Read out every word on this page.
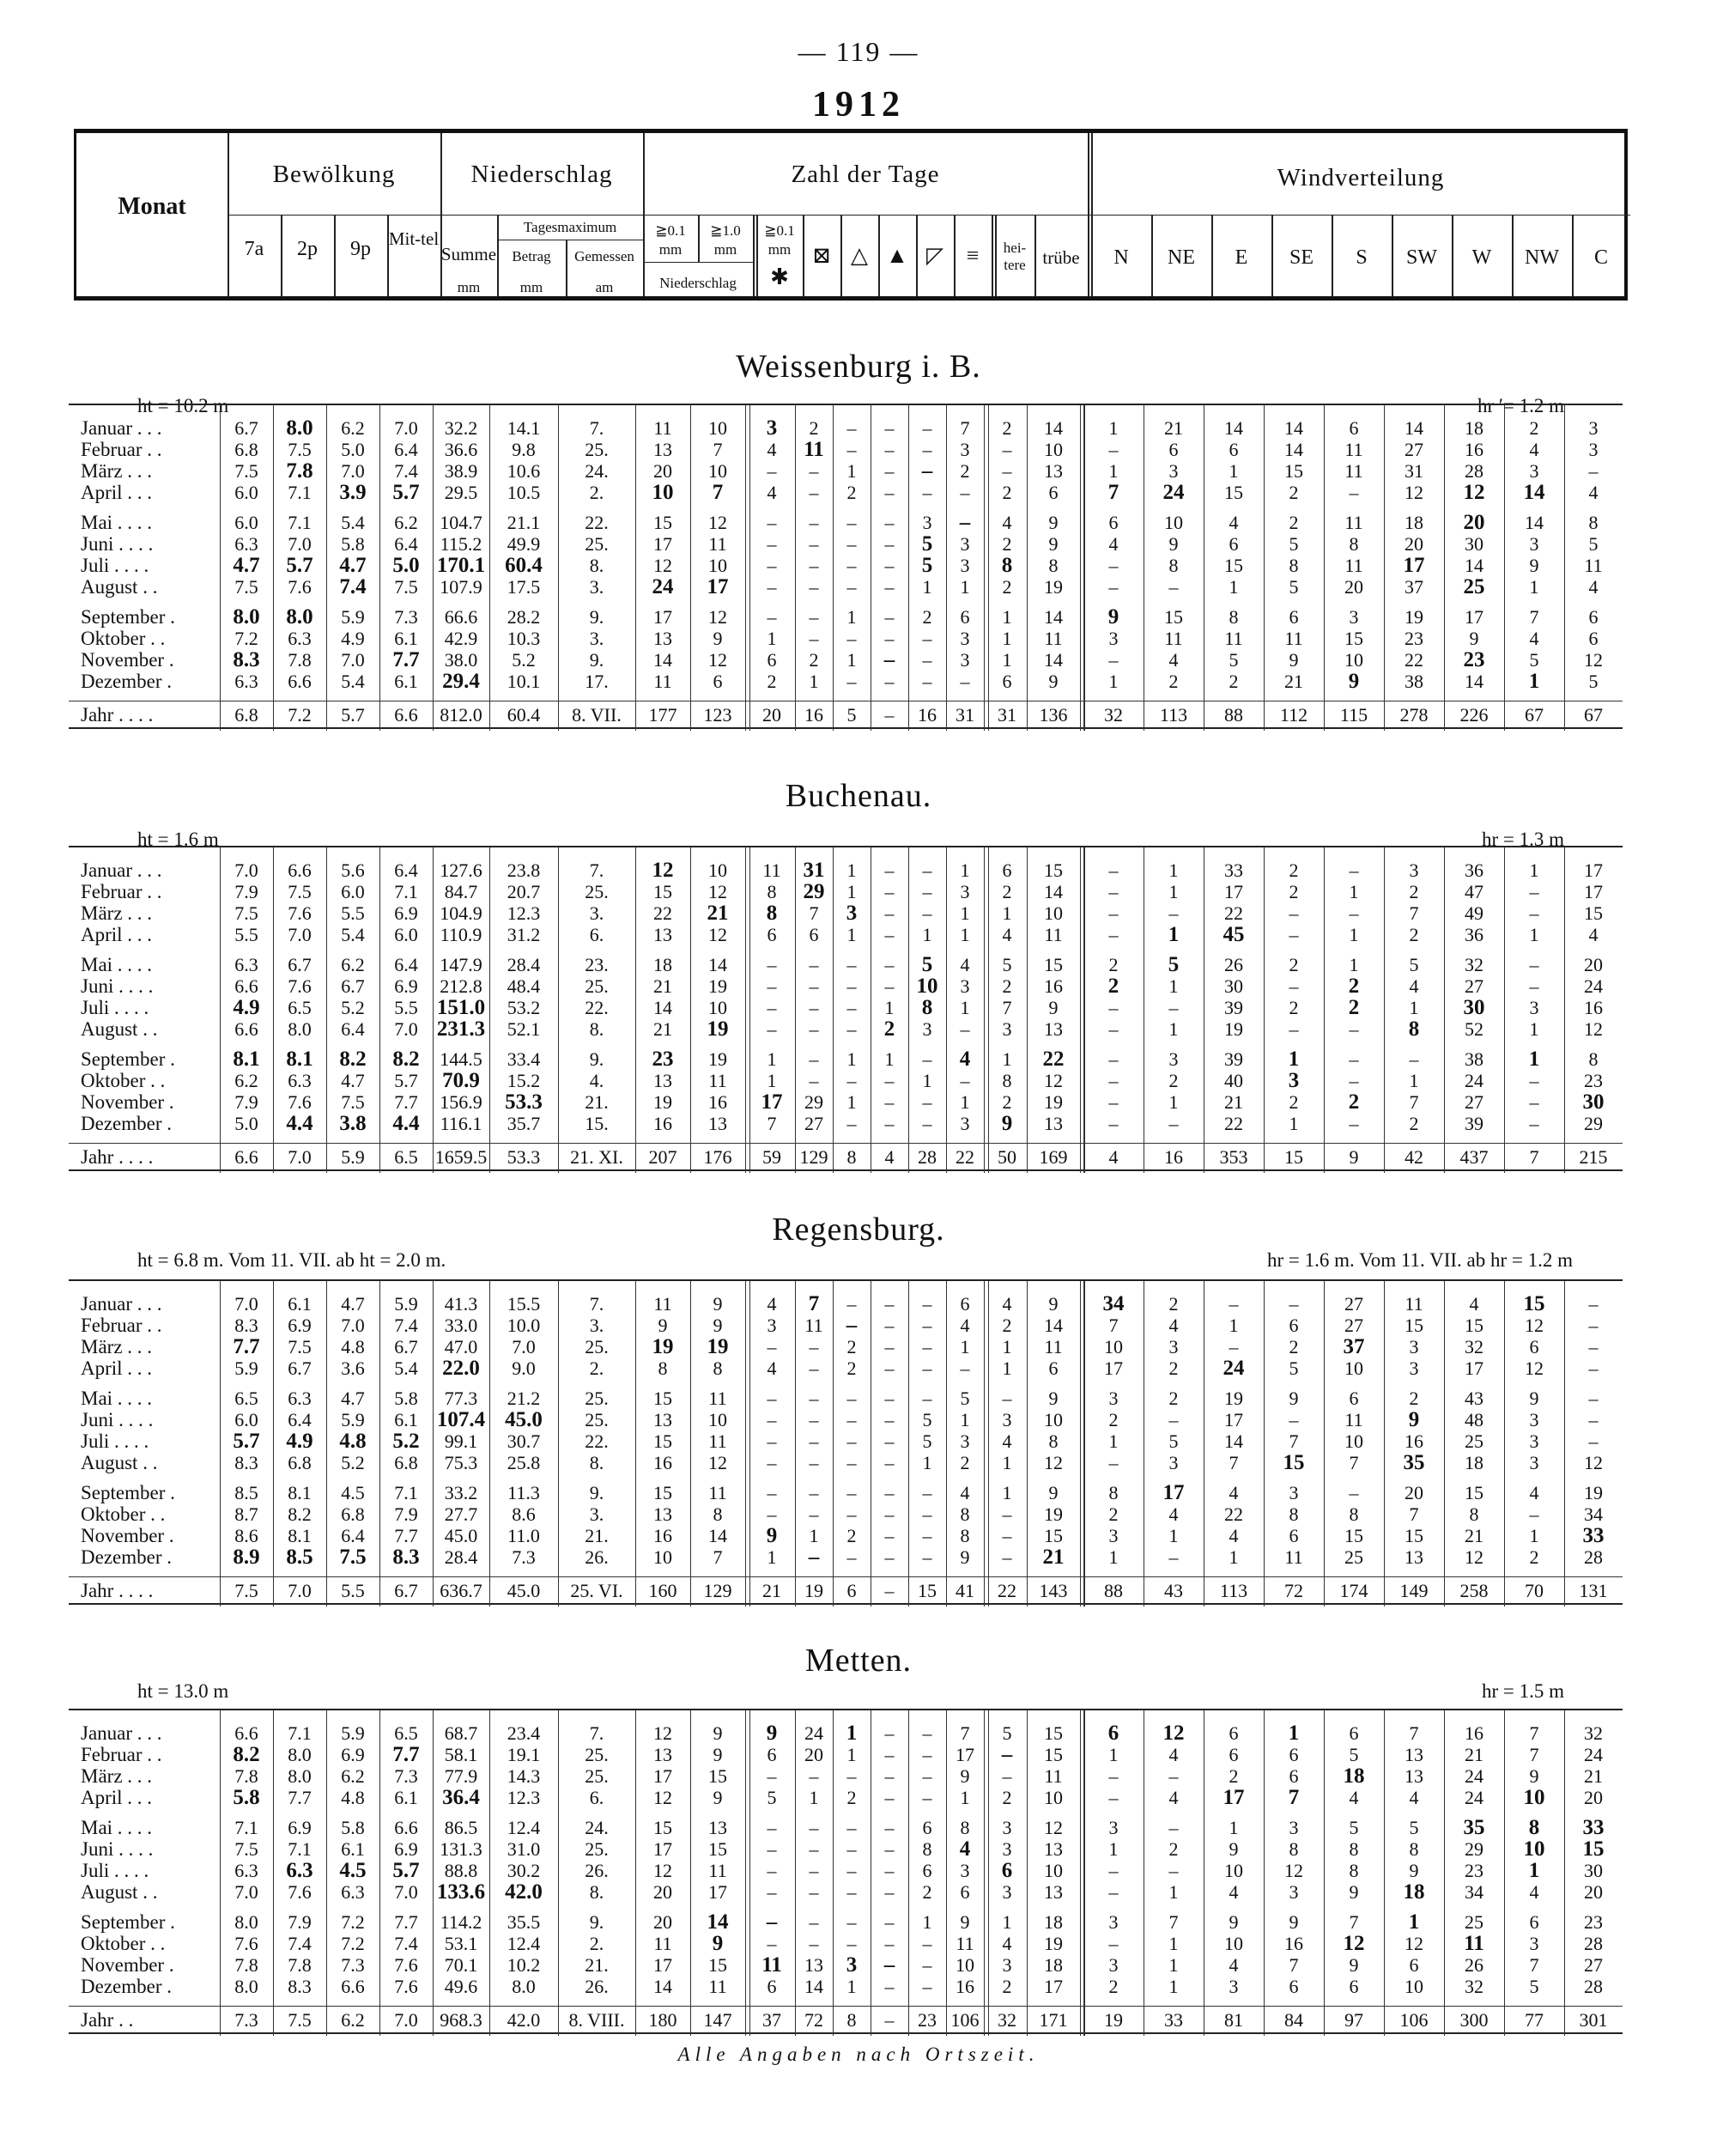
— 119 —
1912
Monat
Bewölkung
7a	2p	9p Mit-tel
Niederschlag
Summe
mm
Tagesmaximum
Betrag
mm
Gemessen
am
Zahl der Tage
≧0.1
mm
≧1.0
mm
Niederschlag
≧0.1
mm
✱
⊠ △ ▲ ◸	≡	hei-tere trübe
Windverteilung
N	NE	E	SE	S	SW	W	NW	C
Weissenburg i. B.
ht = 10.2 m	hr ′= 1.2 m
Januar . . .	6.7	8.0	6.2	7.0	32.2	14.1	7.	11	10	3	2	–	–	–	7	2	14	1	21	14	14	6	14	18	2	3
Februar . .	6.8	7.5	5.0	6.4	36.6	9.8	25.	13	7	4	11	–	–	–	3	–	10	–	6	6	14	11	27	16	4	3
März . . .	7.5	7.8	7.0	7.4	38.9	10.6	24.	20	10	–	–	1	–	–	2	–	13	1	3	1	15	11	31	28	3	–
April . . .	6.0	7.1	3.9	5.7	29.5	10.5	2.	10	7	4	–	2	–	–	–	2	6	7	24	15	2	–	12	12	14	4
Mai . . . .	6.0	7.1	5.4	6.2	104.7	21.1	22.	15	12	–	–	–	–	3	–	4	9	6	10	4	2	11	18	20	14	8
Juni . . . .	6.3	7.0	5.8	6.4	115.2	49.9	25.	17	11	–	–	–	–	5	3	2	9	4	9	6	5	8	20	30	3	5
Juli . . . .	4.7	5.7	4.7	5.0 170.1 60.4	8.	12	10	–	–	–	–	5	3	8	8	–	8	15	8	11	17	14	9	11
August . .	7.5	7.6	7.4	7.5	107.9	17.5	3.	24	17	–	–	–	–	1	1	2	19	–	–	1	5	20	37	25	1	4
September .	8.0	8.0	5.9	7.3	66.6	28.2	9.	17	12	–	–	1	–	2	6	1	14	9	15	8	6	3	19	17	7	6
Oktober . .	7.2	6.3	4.9	6.1	42.9	10.3	3.	13	9	1	–	–	–	–	3	1	11	3	11	11	11	15	23	9	4	6
November .	8.3	7.8	7.0	7.7	38.0	5.2	9.	14	12	6	2	1	–	–	3	1	14	–	4	5	9	10	22	23	5	12
Dezember .	6.3	6.6	5.4	6.1	29.4	10.1	17.	11	6	2	1	–	–	–	–	6	9	1	2	2	21	9	38	14	1	5
Jahr . . . .	6.8	7.2	5.7	6.6	812.0	60.4	8. VII.	177	123	20	16	5	–	16	31	31	136	32	113	88	112	115	278	226	67	67
Buchenau.
ht = 1.6 m	hr = 1.3 m
Januar . . .	7.0	6.6	5.6	6.4	127.6	23.8	7.	12	10	11	31	1	–	–	1	6	15	–	1	33	2	–	3	36	1	17
Februar . .	7.9	7.5	6.0	7.1	84.7	20.7	25.	15	12	8	29	1	–	–	3	2	14	–	1	17	2	1	2	47	–	17
März . . .	7.5	7.6	5.5	6.9	104.9	12.3	3.	22	21	8	7	3	–	–	1	1	10	–	–	22	–	–	7	49	–	15
April . . .	5.5	7.0	5.4	6.0	110.9	31.2	6.	13	12	6	6	1	–	1	1	4	11	–	1	45	–	1	2	36	1	4
Mai . . . .	6.3	6.7	6.2	6.4	147.9	28.4	23.	18	14	–	–	–	–	5	4	5	15	2	5	26	2	1	5	32	–	20
Juni . . . .	6.6	7.6	6.7	6.9	212.8	48.4	25.	21	19	–	–	–	–	10	3	2	16	2	1	30	–	2	4	27	–	24
Juli . . . .	4.9	6.5	5.2	5.5 151.0	53.2	22.	14	10	–	–	–	1	8	1	7	9	–	–	39	2	2	1	30	3	16
August . .	6.6	8.0	6.4	7.0 231.3	52.1	8.	21	19	–	–	–	2	3	–	3	13	–	1	19	–	–	8	52	1	12
September .	8.1	8.1	8.2	8.2	144.5	33.4	9.	23	19	1	–	1	1	–	4	1	22	–	3	39	1	–	–	38	1	8
Oktober . .	6.2	6.3	4.7	5.7	70.9	15.2	4.	13	11	1	–	–	–	1	–	8	12	–	2	40	3	–	1	24	–	23
November .	7.9	7.6	7.5	7.7	156.9	53.3	21.	19	16	17	29	1	–	–	1	2	19	–	1	21	2	2	7	27	–	30
Dezember .	5.0	4.4	3.8	4.4	116.1	35.7	15.	16	13	7	27	–	–	–	3	9	13	–	–	22	1	–	2	39	–	29
Jahr . . . .	6.6	7.0	5.9	6.5 1659.5	53.3	21. XI.	207	176	59 129	8	4	28	22	50	169	4	16	353	15	9	42	437	7	215
Regensburg.
ht = 6.8 m. Vom 11. VII. ab ht = 2.0 m.	hr = 1.6 m. Vom 11. VII. ab hr = 1.2 m
Januar . . .	7.0	6.1	4.7	5.9	41.3	15.5	7.	11	9	4	7	–	–	–	6	4	9	34	2	–	–	27	11	4	15	–
Februar . .	8.3	6.9	7.0	7.4	33.0	10.0	3.	9	9	3	11	–	–	–	4	2	14	7	4	1	6	27	15	15	12	–
März . . .	7.7	7.5	4.8	6.7	47.0	7.0	25.	19	19	–	–	2	–	–	1	1	11	10	3	–	2	37	3	32	6	–
April . . .	5.9	6.7	3.6	5.4	22.0	9.0	2.	8	8	4	–	2	–	–	–	1	6	17	2	24	5	10	3	17	12	–
Mai . . . .	6.5	6.3	4.7	5.8	77.3	21.2	25.	15	11	–	–	–	–	–	5	–	9	3	2	19	9	6	2	43	9	–
Juni . . . .	6.0	6.4	5.9	6.1 107.4 45.0	25.	13	10	–	–	–	–	5	1	3	10	2	–	17	–	11	9	48	3	–
Juli . . . .	5.7	4.9	4.8	5.2	99.1	30.7	22.	15	11	–	–	–	–	5	3	4	8	1	5	14	7	10	16	25	3	–
August . .	8.3	6.8	5.2	6.8	75.3	25.8	8.	16	12	–	–	–	–	1	2	1	12	–	3	7	15	7	35	18	3	12
September .	8.5	8.1	4.5	7.1	33.2	11.3	9.	15	11	–	–	–	–	–	4	1	9	8	17	4	3	–	20	15	4	19
Oktober . .	8.7	8.2	6.8	7.9	27.7	8.6	3.	13	8	–	–	–	–	–	8	–	19	2	4	22	8	8	7	8	–	34
November .	8.6	8.1	6.4	7.7	45.0	11.0	21.	16	14	9	1	2	–	–	8	–	15	3	1	4	6	15	15	21	1	33
Dezember .	8.9	8.5	7.5	8.3	28.4	7.3	26.	10	7	1	–	–	–	–	9	–	21	1	–	1	11	25	13	12	2	28
Jahr . . . .	7.5	7.0	5.5	6.7	636.7	45.0	25. VI.	160	129	21	19	6	–	15	41	22	143	88	43	113	72	174	149	258	70	131
Metten.
ht = 13.0 m	hr = 1.5 m
Januar . . .	6.6	7.1	5.9	6.5	68.7	23.4	7.	12	9	9	24	1	–	–	7	5	15	6	12	6	1	6	7	16	7	32
Februar . .	8.2	8.0	6.9	7.7	58.1	19.1	25.	13	9	6	20	1	–	–	17	–	15	1	4	6	6	5	13	21	7	24
März . . .	7.8	8.0	6.2	7.3	77.9	14.3	25.	17	15	–	–	–	–	–	9	–	11	–	–	2	6	18	13	24	9	21
April . . .	5.8	7.7	4.8	6.1	36.4	12.3	6.	12	9	5	1	2	–	–	1	2	10	–	4	17	7	4	4	24	10	20
Mai . . . .	7.1	6.9	5.8	6.6	86.5	12.4	24.	15	13	–	–	–	–	6	8	3	12	3	–	1	3	5	5	35	8	33
Juni . . . .	7.5	7.1	6.1	6.9	131.3	31.0	25.	17	15	–	–	–	–	8	4	3	13	1	2	9	8	8	8	29	10	15
Juli . . . .	6.3	6.3	4.5	5.7	88.8	30.2	26.	12	11	–	–	–	–	6	3	6	10	–	–	10	12	8	9	23	1	30
August . .	7.0	7.6	6.3	7.0 133.6 42.0	8.	20	17	–	–	–	–	2	6	3	13	–	1	4	3	9	18	34	4	20
September .	8.0	7.9	7.2	7.7	114.2	35.5	9.	20	14	–	–	–	–	1	9	1	18	3	7	9	9	7	1	25	6	23
Oktober . .	7.6	7.4	7.2	7.4	53.1	12.4	2.	11	9	–	–	–	–	–	11	4	19	–	1	10	16	12	12	11	3	28
November .	7.8	7.8	7.3	7.6	70.1	10.2	21.	17	15	11	13	3	–	–	10	3	18	3	1	4	7	9	6	26	7	27
Dezember .	8.0	8.3	6.6	7.6	49.6	8.0	26.	14	11	6	14	1	–	–	16	2	17	2	1	3	6	6	10	32	5	28
Jahr . .	7.3	7.5	6.2	7.0	968.3	42.0	8. VIII.	180	147	37	72	8	–	23 106 32	171	19	33	81	84	97	106	300	77	301
Alle Angaben nach Ortszeit.
